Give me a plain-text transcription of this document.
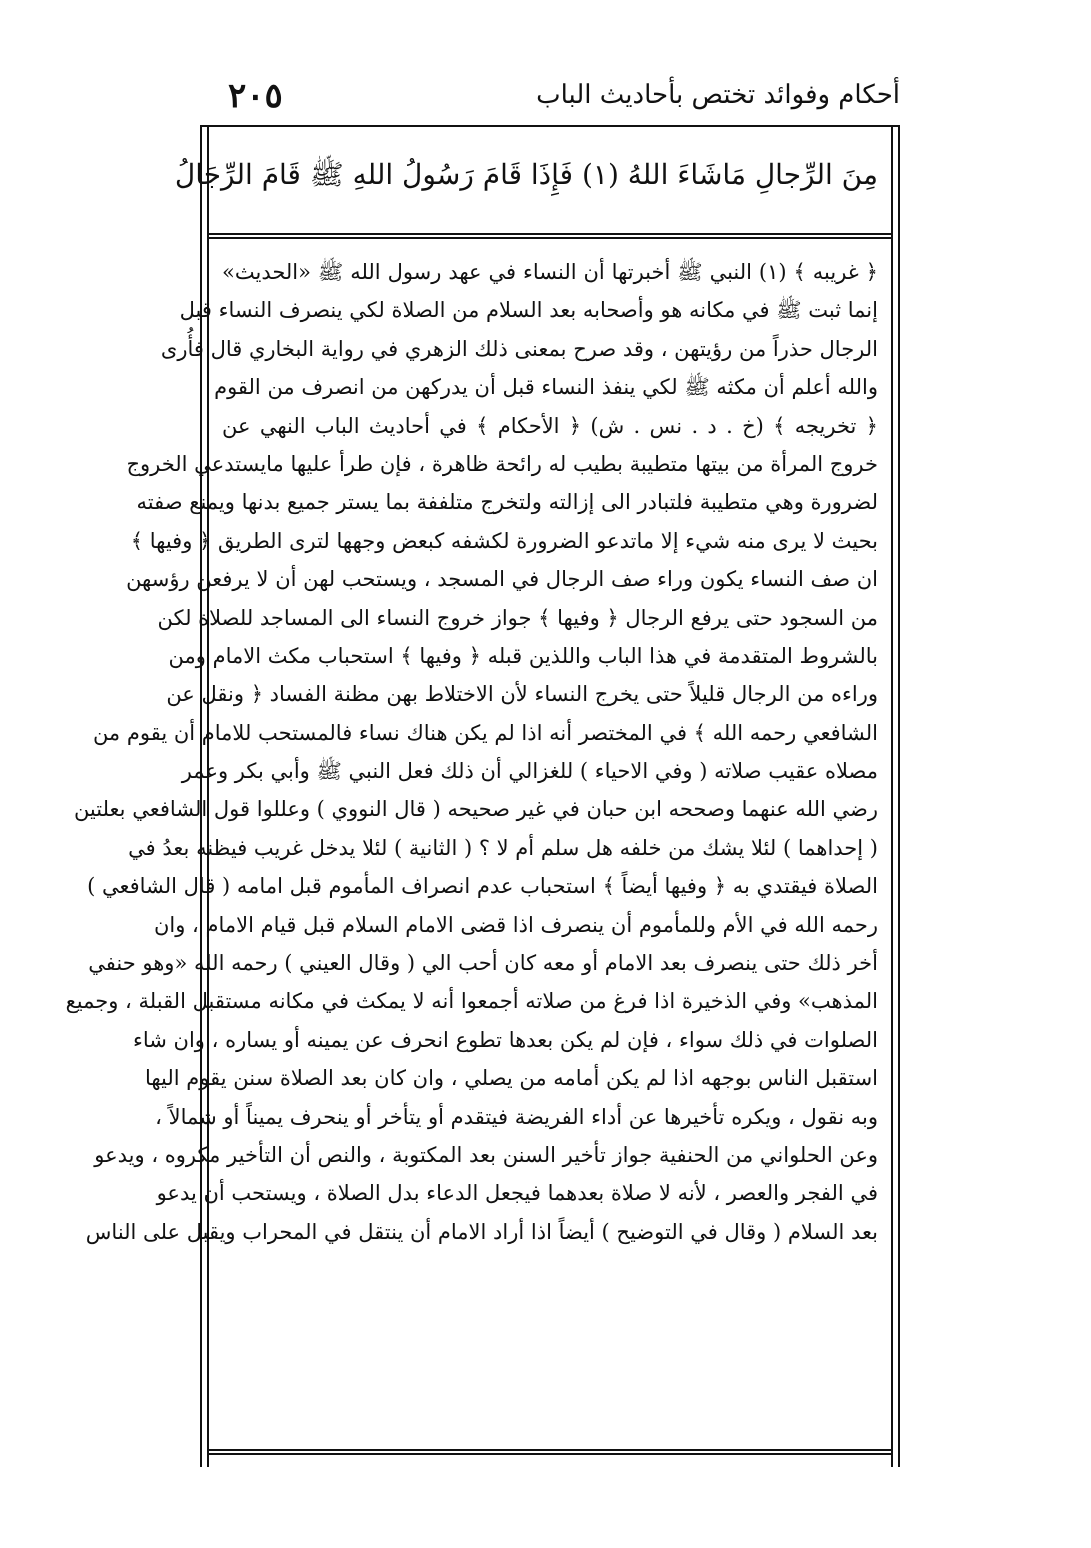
٢٠٥	أحكام وفوائد تختص بأحاديث الباب
مِنَ الرِّجالِ مَاشَاءَ اللهُ (١) فَإِذَا قَامَ رَسُولُ اللهِ ﷺ قَامَ الرِّجَالُ
﴿ غريبه ﴾ (١) النبي ﷺ أخبرتها أن النساء في عهد رسول الله ﷺ «الحديث»
إنما ثبت ﷺ في مكانه هو وأصحابه بعد السلام من الصلاة لكي ينصرف النساء قبل
الرجال حذراً من رؤيتهن ، وقد صرح بمعنى ذلك الزهري في رواية البخاري قال فأُرى
والله أعلم أن مكثه ﷺ لكي ينفذ النساء قبل أن يدركهن من انصرف من القوم
﴿ تخريجه ﴾ (خ . د . نس . ش) ﴿ الأحكام ﴾ في أحاديث الباب النهي عن
خروج المرأة من بيتها متطيبة بطيب له رائحة ظاهرة ، فإن طرأ عليها مايستدعي الخروج
لضرورة وهي متطيبة فلتبادر الى إزالته ولتخرج متلففة بما يستر جميع بدنها ويمنع صفته
بحيث لا يرى منه شيء إلا ماتدعو الضرورة لكشفه كبعض وجهها لترى الطريق ﴿ وفيها ﴾
ان صف النساء يكون وراء صف الرجال في المسجد ، ويستحب لهن أن لا يرفعن رؤسهن
من السجود حتى يرفع الرجال ﴿ وفيها ﴾ جواز خروج النساء الى المساجد للصلاة لكن
بالشروط المتقدمة في هذا الباب واللذين قبله ﴿ وفيها ﴾ استحباب مكث الامام ومن
وراءه من الرجال قليلاً حتى يخرج النساء لأن الاختلاط بهن مظنة الفساد ﴿ ونقل عن
الشافعي رحمه الله ﴾ في المختصر أنه اذا لم يكن هناك نساء فالمستحب للامام أن يقوم من
مصلاه عقيب صلاته ( وفي الاحياء ) للغزالي أن ذلك فعل النبي ﷺ وأبي بكر وعمر
رضي الله عنهما وصححه ابن حبان في غير صحيحه ( قال النووي ) وعللوا قول الشافعي بعلتين
( إحداهما ) لئلا يشك من خلفه هل سلم أم لا ؟ ( الثانية ) لئلا يدخل غريب فيظنه بعدُ في
الصلاة فيقتدي به ﴿ وفيها أيضاً ﴾ استحباب عدم انصراف المأموم قبل امامه ( قال الشافعي )
رحمه الله في الأم وللمأموم أن ينصرف اذا قضى الامام السلام قبل قيام الامام ، وان
أخر ذلك حتى ينصرف بعد الامام أو معه كان أحب الي ( وقال العيني ) رحمه الله «وهو حنفي
المذهب» وفي الذخيرة اذا فرغ من صلاته أجمعوا أنه لا يمكث في مكانه مستقبل القبلة ، وجميع
الصلوات في ذلك سواء ، فإن لم يكن بعدها تطوع انحرف عن يمينه أو يساره ، وان شاء
استقبل الناس بوجهه اذا لم يكن أمامه من يصلي ، وان كان بعد الصلاة سنن يقوم اليها
وبه نقول ، ويكره تأخيرها عن أداء الفريضة فيتقدم أو يتأخر أو ينحرف يميناً أو شمالاً ،
وعن الحلواني من الحنفية جواز تأخير السنن بعد المكتوبة ، والنص أن التأخير مكروه ، ويدعو
في الفجر والعصر ، لأنه لا صلاة بعدهما فيجعل الدعاء بدل الصلاة ، ويستحب أن يدعو
بعد السلام ( وقال في التوضيح ) أيضاً اذا أراد الامام أن ينتقل في المحراب ويقبل على الناس
